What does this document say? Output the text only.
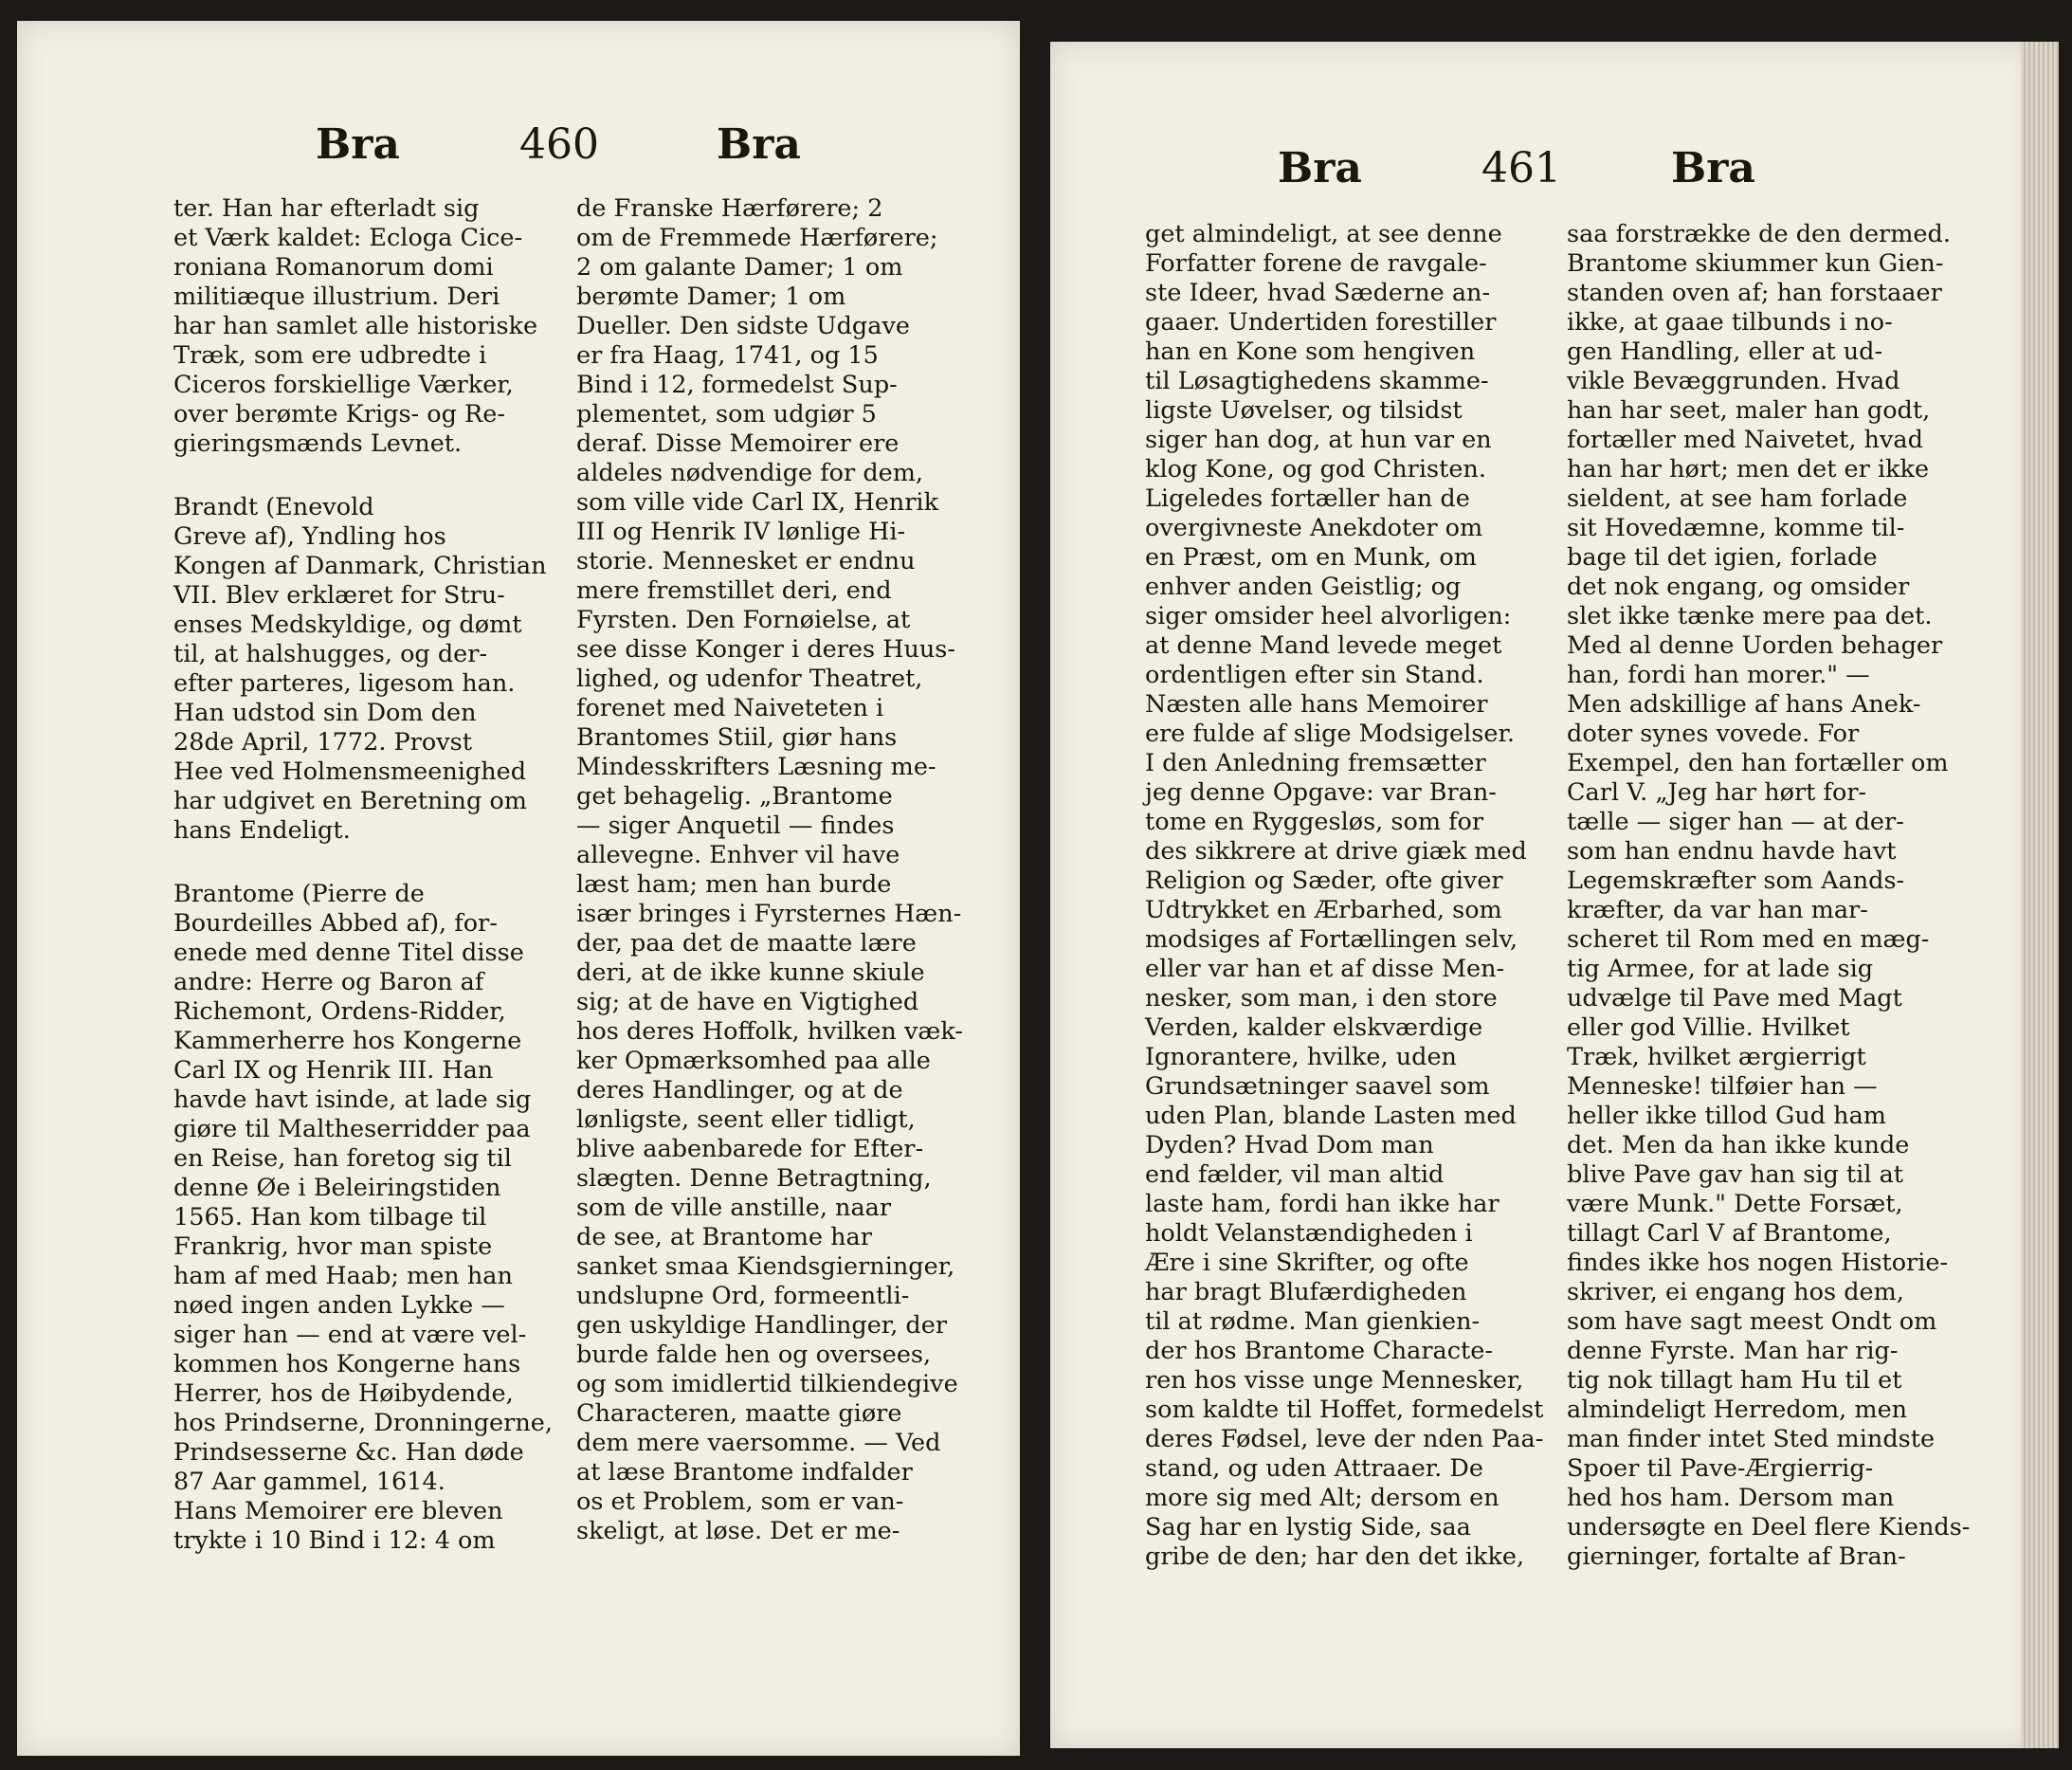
Bra	460	Bra
ter. Han har efterladt sig
et Værk kaldet: Ecloga Cice-
roniana Romanorum domi
militiæque illustrium. Deri
har han samlet alle historiske
Træk, som ere udbredte i
Ciceros forskiellige Værker,
over berømte Krigs- og Re-
gieringsmænds Levnet.
Brandt (Enevold
Greve af), Yndling hos
Kongen af Danmark, Christian
VII. Blev erklæret for Stru-
enses Medskyldige, og dømt
til, at halshugges, og der-
efter parteres, ligesom han.
Han udstod sin Dom den
28de April, 1772. Provst
Hee ved Holmensmeenighed
har udgivet en Beretning om
hans Endeligt.
Brantome (Pierre de
Bourdeilles Abbed af), for-
enede med denne Titel disse
andre: Herre og Baron af
Richemont, Ordens-Ridder,
Kammerherre hos Kongerne
Carl IX og Henrik III. Han
havde havt isinde, at lade sig
giøre til Maltheserridder paa
en Reise, han foretog sig til
denne Øe i Beleiringstiden
1565. Han kom tilbage til
Frankrig, hvor man spiste
ham af med Haab; men han
nøed ingen anden Lykke —
siger han — end at være vel-
kommen hos Kongerne hans
Herrer, hos de Høibydende,
hos Prindserne, Dronningerne,
Prindsesserne &c. Han døde
87 Aar gammel, 1614.
Hans Memoirer ere bleven
trykte i 10 Bind i 12: 4 om
de Franske Hærførere; 2
om de Fremmede Hærførere;
2 om galante Damer; 1 om
berømte Damer; 1 om
Dueller. Den sidste Udgave
er fra Haag, 1741, og 15
Bind i 12, formedelst Sup-
plementet, som udgiør 5
deraf. Disse Memoirer ere
aldeles nødvendige for dem,
som ville vide Carl IX, Henrik
III og Henrik IV lønlige Hi-
storie. Mennesket er endnu
mere fremstillet deri, end
Fyrsten. Den Fornøielse, at
see disse Konger i deres Huus-
lighed, og udenfor Theatret,
forenet med Naiveteten i
Brantomes Stiil, giør hans
Mindesskrifters Læsning me-
get behagelig. „Brantome
— siger Anquetil — findes
allevegne. Enhver vil have
læst ham; men han burde
især bringes i Fyrsternes Hæn-
der, paa det de maatte lære
deri, at de ikke kunne skiule
sig; at de have en Vigtighed
hos deres Hoffolk, hvilken væk-
ker Opmærksomhed paa alle
deres Handlinger, og at de
lønligste, seent eller tidligt,
blive aabenbarede for Efter-
slægten. Denne Betragtning,
som de ville anstille, naar
de see, at Brantome har
sanket smaa Kiendsgierninger,
undslupne Ord, formeentli-
gen uskyldige Handlinger, der
burde falde hen og oversees,
og som imidlertid tilkiendegive
Characteren, maatte giøre
dem mere vaersomme. — Ved
at læse Brantome indfalder
os et Problem, som er van-
skeligt, at løse. Det er me-
Bra	461	Bra
get almindeligt, at see denne
Forfatter forene de ravgale-
ste Ideer, hvad Sæderne an-
gaaer. Undertiden forestiller
han en Kone som hengiven
til Løsagtighedens skamme-
ligste Uøvelser, og tilsidst
siger han dog, at hun var en
klog Kone, og god Christen.
Ligeledes fortæller han de
overgivneste Anekdoter om
en Præst, om en Munk, om
enhver anden Geistlig; og
siger omsider heel alvorligen:
at denne Mand levede meget
ordentligen efter sin Stand.
Næsten alle hans Memoirer
ere fulde af slige Modsigelser.
I den Anledning fremsætter
jeg denne Opgave: var Bran-
tome en Ryggesløs, som for
des sikkrere at drive giæk med
Religion og Sæder, ofte giver
Udtrykket en Ærbarhed, som
modsiges af Fortællingen selv,
eller var han et af disse Men-
nesker, som man, i den store
Verden, kalder elskværdige
Ignorantere, hvilke, uden
Grundsætninger saavel som
uden Plan, blande Lasten med
Dyden? Hvad Dom man
end fælder, vil man altid
laste ham, fordi han ikke har
holdt Velanstændigheden i
Ære i sine Skrifter, og ofte
har bragt Blufærdigheden
til at rødme. Man gienkien-
der hos Brantome Characte-
ren hos visse unge Mennesker,
som kaldte til Hoffet, formedelst
deres Fødsel, leve der nden Paa-
stand, og uden Attraaer. De
more sig med Alt; dersom en
Sag har en lystig Side, saa
gribe de den; har den det ikke,
saa forstrække de den dermed.
Brantome skiummer kun Gien-
standen oven af; han forstaaer
ikke, at gaae tilbunds i no-
gen Handling, eller at ud-
vikle Bevæggrunden. Hvad
han har seet, maler han godt,
fortæller med Naivetet, hvad
han har hørt; men det er ikke
sieldent, at see ham forlade
sit Hovedæmne, komme til-
bage til det igien, forlade
det nok engang, og omsider
slet ikke tænke mere paa det.
Med al denne Uorden behager
han, fordi han morer." —
Men adskillige af hans Anek-
doter synes vovede. For
Exempel, den han fortæller om
Carl V. „Jeg har hørt for-
tælle — siger han — at der-
som han endnu havde havt
Legemskræfter som Aands-
kræfter, da var han mar-
scheret til Rom med en mæg-
tig Armee, for at lade sig
udvælge til Pave med Magt
eller god Villie. Hvilket
Træk, hvilket ærgierrigt
Menneske! tilføier han —
heller ikke tillod Gud ham
det. Men da han ikke kunde
blive Pave gav han sig til at
være Munk." Dette Forsæt,
tillagt Carl V af Brantome,
findes ikke hos nogen Historie-
skriver, ei engang hos dem,
som have sagt meest Ondt om
denne Fyrste. Man har rig-
tig nok tillagt ham Hu til et
almindeligt Herredom, men
man finder intet Sted mindste
Spoer til Pave-Ærgierrig-
hed hos ham. Dersom man
undersøgte en Deel flere Kiends-
gierninger, fortalte af Bran-
